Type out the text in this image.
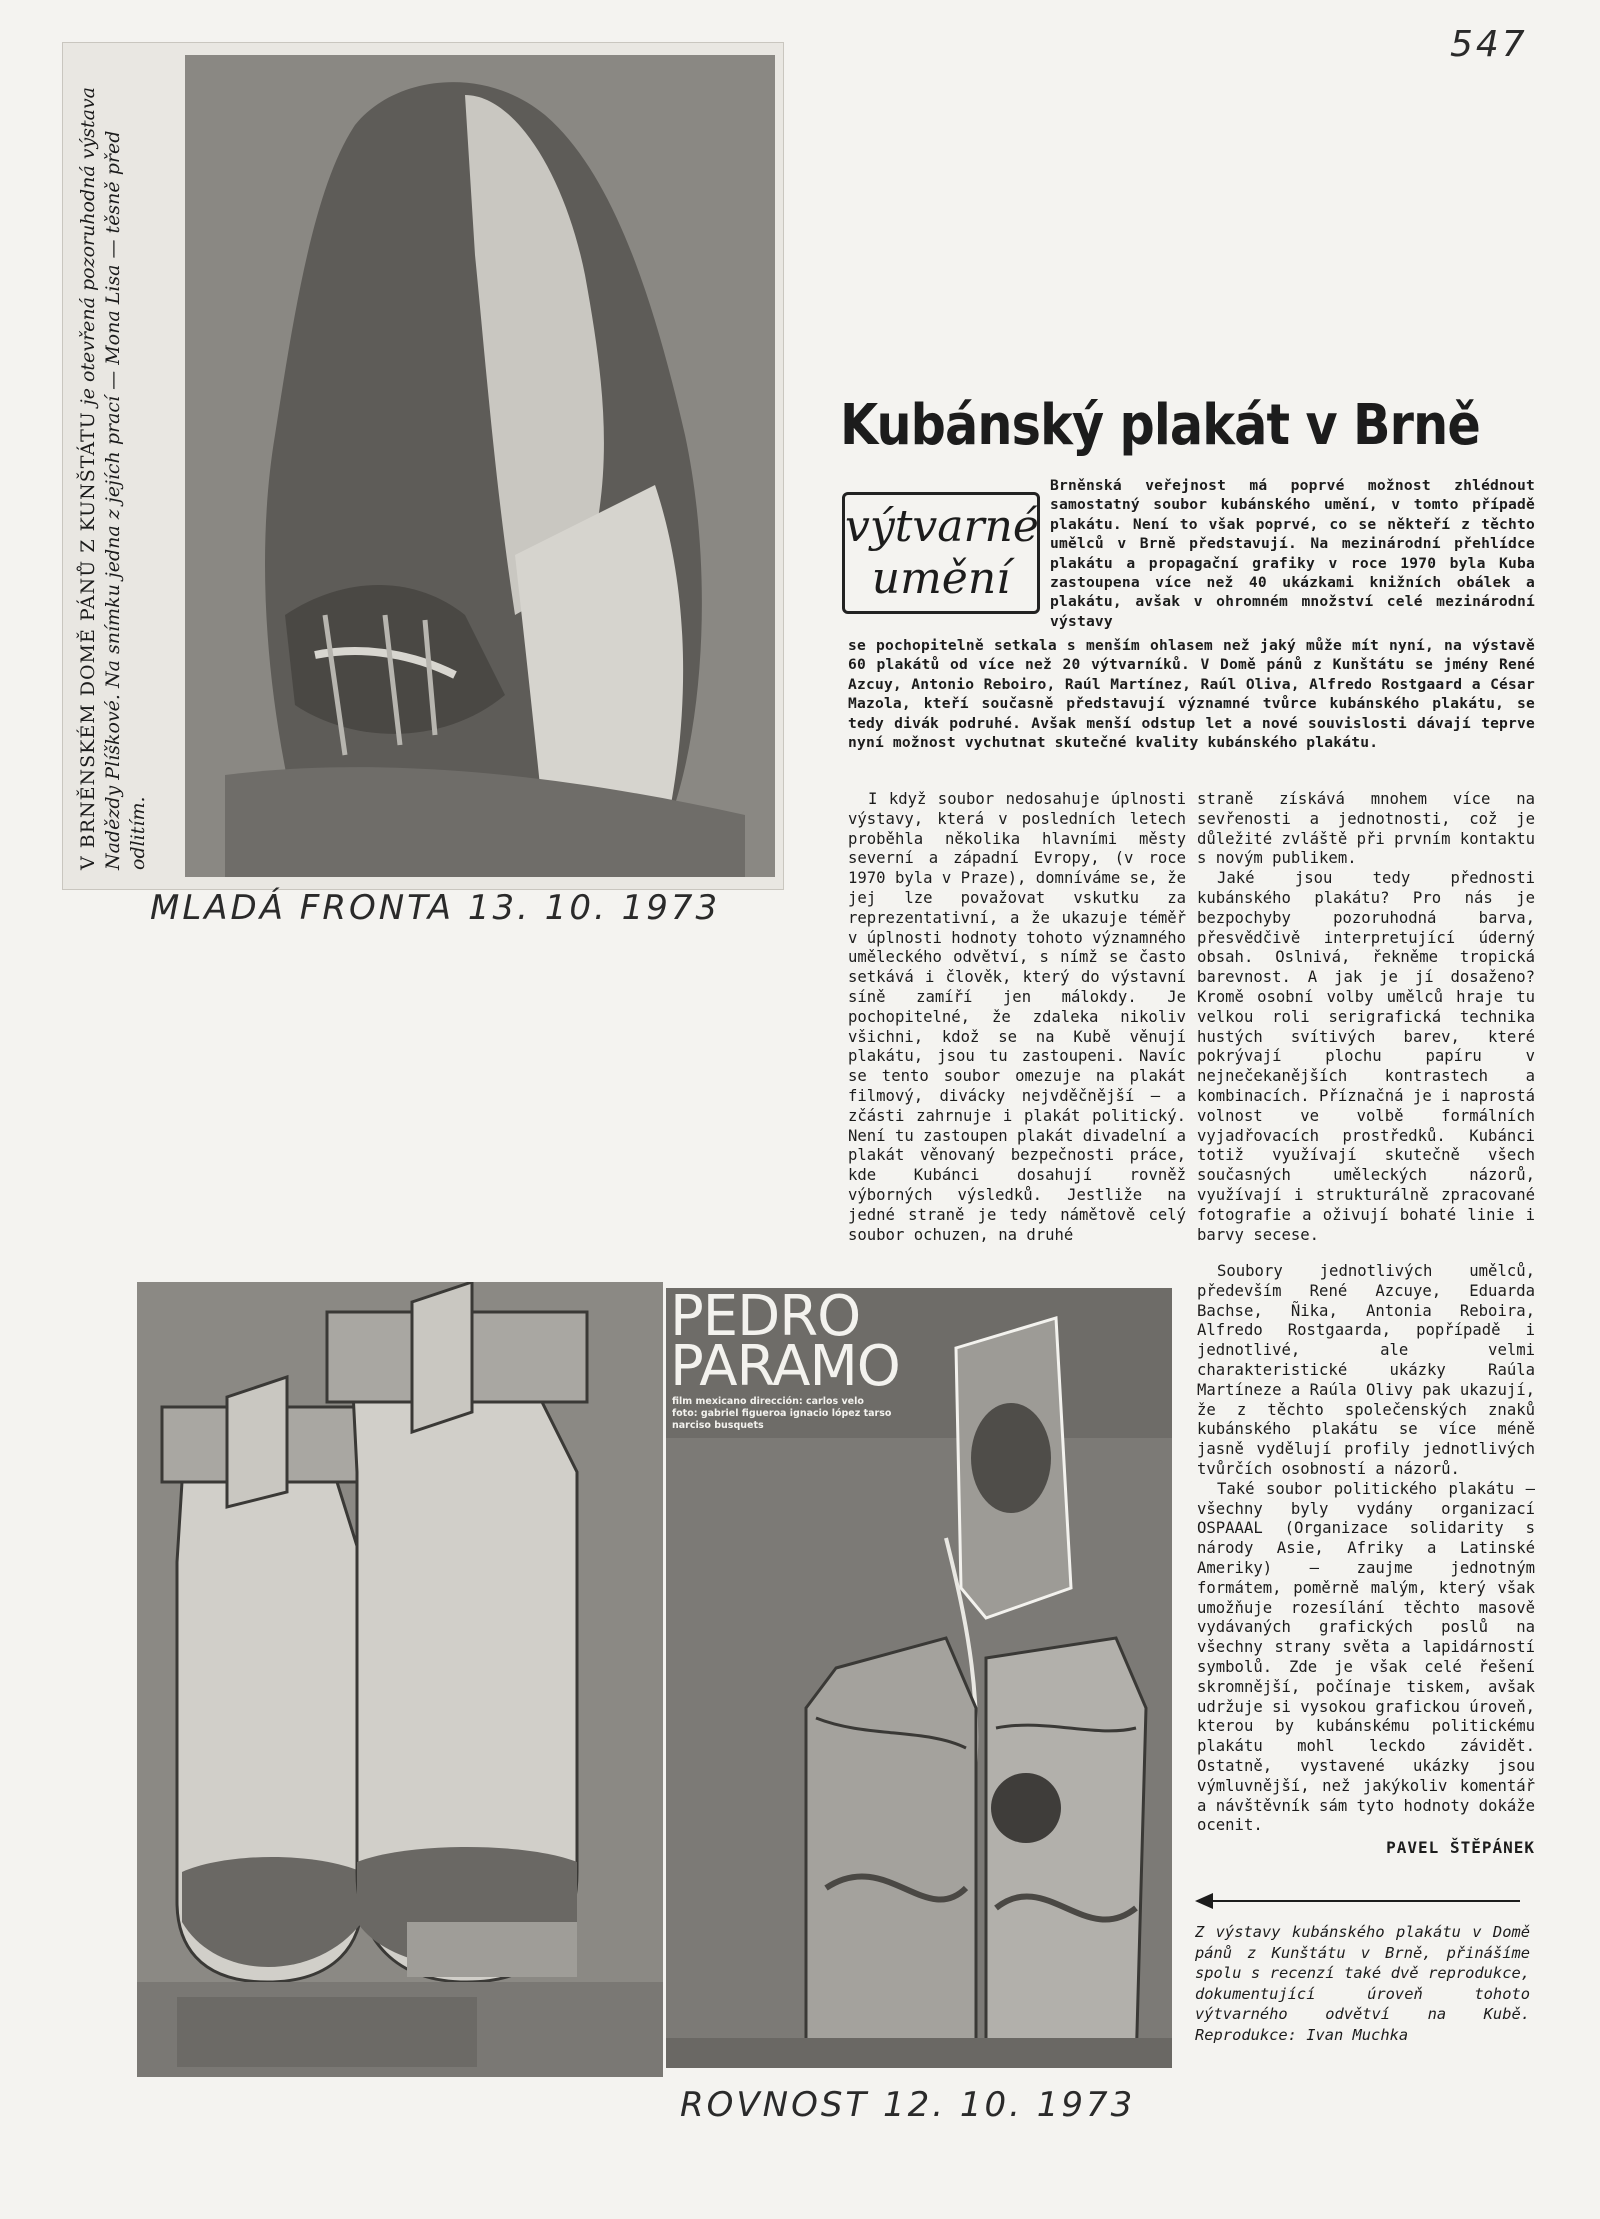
547
V BRNĚNSKÉM DOMĚ PÁNŮ Z KUNŠTÁTU je otevřená pozoruhodná výstava Nadězdy Plíškové. Na snímku jedna z jejích prací — Mona Lisa — těsně před odlitím.
MLADÁ FRONTA 13. 10. 1973
Kubánský plakát v Brně
výtvarné
umění
Brněnská veřejnost má poprvé možnost zhlédnout samostatný soubor kubánského umění, v tomto případě plakátu. Není to však poprvé, co se někteří z těchto umělců v Brně představují. Na mezinárodní přehlídce plakátu a propagační grafiky v roce 1970 byla Kuba zastoupena více než 40 ukázkami knižních obálek a plakátu, avšak v ohromném množství celé mezinárodní výstavy
se pochopitelně setkala s menším ohlasem než jaký může mít nyní, na výstavě 60 plakátů od více než 20 výtvarníků. V Domě pánů z Kunštátu se jmény René Azcuy, Antonio Reboiro, Raúl Martínez, Raúl Oliva, Alfredo Rostgaard a César Mazola, kteří současně představují významné tvůrce kubánského plakátu, se tedy divák podruhé. Avšak menší odstup let a nové souvislosti dávají teprve nyní možnost vychutnat skutečné kvality kubánského plakátu.

I když soubor nedosahuje úplnosti výstavy, která v posledních letech proběhla několika hlavními městy severní a západní Evropy, (v roce 1970 byla v Praze), domníváme se, že jej lze považovat vskutku za reprezentativní, a že ukazuje téměř v úplnosti hodnoty tohoto významného uměleckého odvětví, s nímž se často setkává i člověk, který do výstavní síně zamíří jen málokdy. Je pochopitelné, že zdaleka nikoliv všichni, kdož se na Kubě věnují plakátu, jsou tu zastoupeni. Navíc se tento soubor omezuje na plakát filmový, divácky nejvděčnější — a zčásti zahrnuje i plakát politický. Není tu zastoupen plakát divadelní a plakát věnovaný bezpečnosti práce, kde Kubánci dosahují rovněž výborných výsledků. Jestliže na jedné straně je tedy námětově celý soubor ochuzen, na druhé

straně získává mnohem více na sevřenosti a jednotnosti, což je důležité zvláště při prvním kontaktu s novým publikem.

Jaké jsou tedy přednosti kubánského plakátu? Pro nás je bezpochyby pozoruhodná barva, přesvědčivě interpretující úderný obsah. Oslnivá, řekněme tropická barevnost. A jak je jí dosaženo? Kromě osobní volby umělců hraje tu velkou roli serigrafická technika hustých svítivých barev, které pokrývají plochu papíru v nejnečekanějších kontrastech a kombinacích. Příznačná je i naprostá volnost ve volbě formálních vyjadřovacích prostředků. Kubánci totiž využívají skutečně všech současných uměleckých názorů, využívají i strukturálně zpracované fotografie a oživují bohaté linie i barvy secese.

Soubory jednotlivých umělců, především René Azcuye, Eduarda Bachse, Ñika, Antonia Reboira, Alfredo Rostgaarda, popřípadě i jednotlivé, ale velmi charakteristické ukázky Raúla Martíneze a Raúla Olivy pak ukazují, že z těchto společenských znaků kubánského plakátu se více méně jasně vydělují profily jednotlivých tvůrčích osobností a názorů.

Také soubor politického plakátu — všechny byly vydány organizací OSPAAAL (Organizace solidarity s národy Asie, Afriky a Latinské Ameriky) — zaujme jednotným formátem, poměrně malým, který však umožňuje rozesílání těchto masově vydávaných grafických poslů na všechny strany světa a lapidárností symbolů. Zde je však celé řešení skromnější, počínaje tiskem, avšak udržuje si vysokou grafickou úroveň, kterou by kubánskému politickému plakátu mohl leckdo závidět. Ostatně, vystavené ukázky jsou výmluvnější, než jakýkoliv komentář a návštěvník sám tyto hodnoty dokáže ocenit.

PAVEL ŠTĚPÁNEK
Z výstavy kubánského plakátu v Domě pánů z Kunštátu v Brně, přinášíme spolu s recenzí také dvě reprodukce, dokumentující úroveň tohoto výtvarného odvětví na Kubě. Reprodukce: Ivan Muchka
PEDRO
PARAMO
film mexicano dirección: carlos velo foto: gabriel figueroa ignacio lópez tarso narciso busquets
ROVNOST 12. 10. 1973
